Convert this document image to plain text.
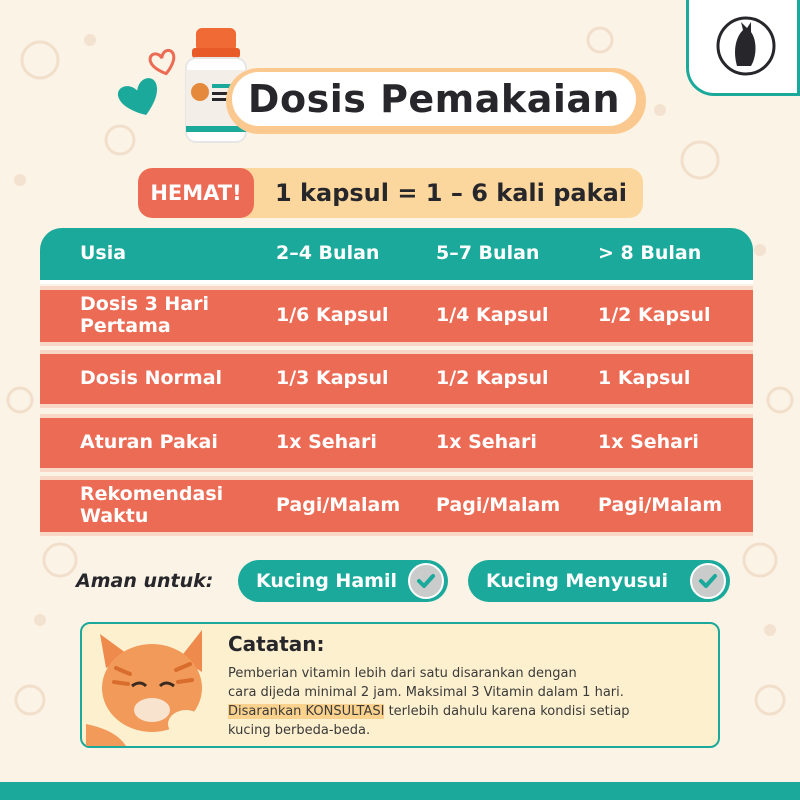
Dosis Pemakaian
HEMAT!	1 kapsul = 1 – 6 kali pakai
Usia	2–4 Bulan	5–7 Bulan	> 8 Bulan
Dosis 3 Hari
Pertama	1/6 Kapsul	1/4 Kapsul	1/2 Kapsul
Dosis Normal	1/3 Kapsul	1/2 Kapsul	1 Kapsul
Aturan Pakai	1x Sehari	1x Sehari	1x Sehari
Rekomendasi
Waktu	Pagi/Malam	Pagi/Malam	Pagi/Malam
Aman untuk: Kucing Hamil	Kucing Menyusui
Catatan:
Pemberian vitamin lebih dari satu disarankan dengan
cara dijeda minimal 2 jam. Maksimal 3 Vitamin dalam 1 hari.
Disarankan KONSULTASI terlebih dahulu karena kondisi setiap
kucing berbeda-beda.
